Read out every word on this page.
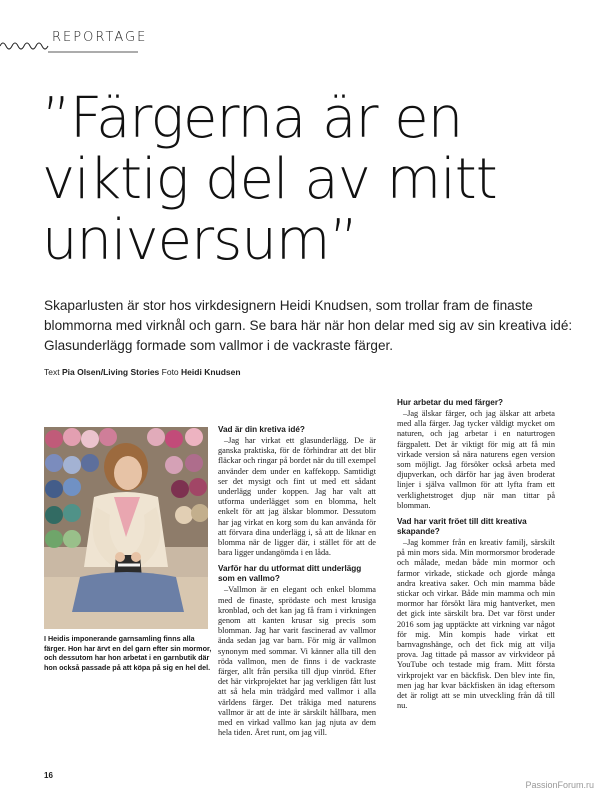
REPORTAGE
”Färgerna är en viktig del av mitt universum”

Skaparlusten är stor hos virkdesignern Heidi Knudsen, som trollar fram de finaste blommorna med virknål och garn. Se bara här när hon delar med sig av sin kreativa idé: Glasunderlägg formade som vallmor i de vackraste färger.

Text Pia Olsen/Living Stories Foto Heidi Knudsen
I Heidis imponerande garnsamling finns alla färger. Hon har ärvt en del garn efter sin mormor, och dessutom har hon arbetat i en garnbutik där hon också passade på att köpa på sig en hel del.
Vad är din kretiva idé?

–Jag har virkat ett glasunderlägg. De är ganska praktiska, för de förhindrar att det blir fläckar och ringar på bordet när du till exempel använder dem under en kaffekopp. Samtidigt ser det mysigt och fint ut med ett sådant underlägg under koppen. Jag har valt att utforma underlägget som en blomma, helt enkelt för att jag älskar blommor. Dessutom har jag virkat en korg som du kan använda för att förvara dina underlägg i, så att de liknar en blomma när de ligger där, i stället för att de bara ligger undangömda i en låda.

Varför har du utformat ditt underlägg som en vallmo?

–Vallmon är en elegant och enkel blomma med de finaste, sprödaste och mest krusiga kronblad, och det kan jag få fram i virkningen genom att kanten krusar sig precis som blomman. Jag har varit fascinerad av vallmor ända sedan jag var barn. För mig är vallmon synonym med sommar. Vi känner alla till den röda vallmon, men de finns i de vackraste färger, allt från persika till djup vinröd. Efter det här virkprojektet har jag verkligen fått lust att så hela min trädgård med vallmor i alla världens färger. Det tråkiga med naturens vallmor är att de inte är särskilt hållbara, men med en virkad vallmo kan jag njuta av dem hela tiden. Året runt, om jag vill.

Hur arbetar du med färger?

–Jag älskar färger, och jag älskar att arbeta med alla färger. Jag tycker väldigt mycket om naturen, och jag arbetar i en naturtrogen färgpalett. Det är viktigt för mig att få min virkade version så nära naturens egen version som möjligt. Jag försöker också arbeta med djupverkan, och därför har jag även broderat linjer i själva vallmon för att lyfta fram ett verklighetstroget djup när man tittar på blomman.

Vad har varit fröet till ditt kreativa skapande?

–Jag kommer från en kreativ familj, särskilt på min mors sida. Min mormorsmor broderade och målade, medan både min mormor och farmor virkade, stickade och gjorde många andra kreativa saker. Och min mamma både stickar och virkar. Både min mamma och min mormor har försökt lära mig hantverket, men det gick inte särskilt bra. Det var först under 2016 som jag upptäckte att virkning var något för mig. Min kompis hade virkat ett barnvagnshänge, och det fick mig att vilja prova. Jag tittade på massor av virkvideor på YouTube och testade mig fram. Mitt första virkprojekt var en bäckfisk. Den blev inte fin, men jag har kvar bäckfisken än idag eftersom det är roligt att se min utveckling från då till nu.

16
PassionForum.ru
